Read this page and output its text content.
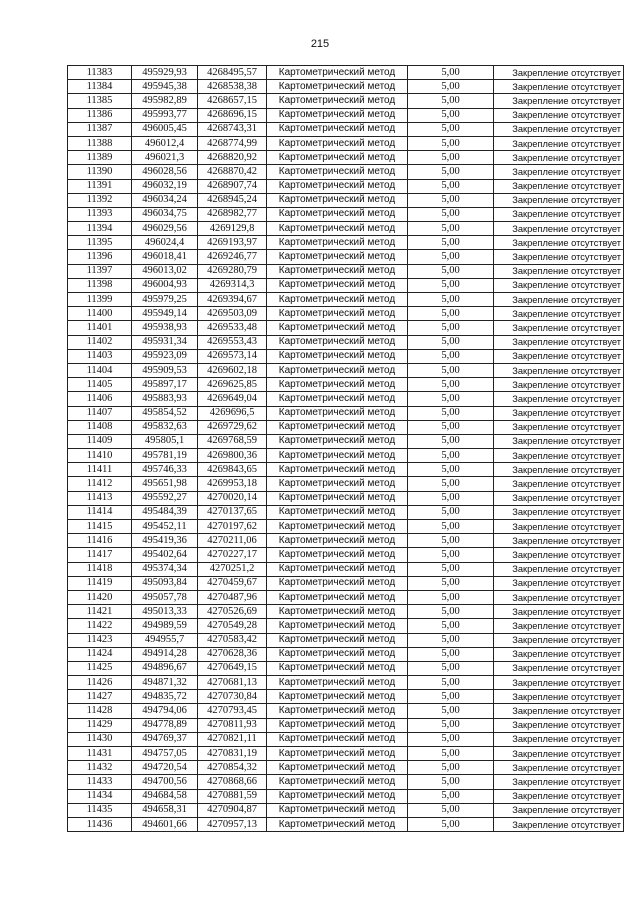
215
11383	495929,93	4268495,57	Картометрический метод	5,00	Закрепление отсутствует
11384	495945,38	4268538,38	Картометрический метод	5,00	Закрепление отсутствует
11385	495982,89	4268657,15	Картометрический метод	5,00	Закрепление отсутствует
11386	495993,77	4268696,15	Картометрический метод	5,00	Закрепление отсутствует
11387	496005,45	4268743,31	Картометрический метод	5,00	Закрепление отсутствует
11388	496012,4	4268774,99	Картометрический метод	5,00	Закрепление отсутствует
11389	496021,3	4268820,92	Картометрический метод	5,00	Закрепление отсутствует
11390	496028,56	4268870,42	Картометрический метод	5,00	Закрепление отсутствует
11391	496032,19	4268907,74	Картометрический метод	5,00	Закрепление отсутствует
11392	496034,24	4268945,24	Картометрический метод	5,00	Закрепление отсутствует
11393	496034,75	4268982,77	Картометрический метод	5,00	Закрепление отсутствует
11394	496029,56	4269129,8	Картометрический метод	5,00	Закрепление отсутствует
11395	496024,4	4269193,97	Картометрический метод	5,00	Закрепление отсутствует
11396	496018,41	4269246,77	Картометрический метод	5,00	Закрепление отсутствует
11397	496013,02	4269280,79	Картометрический метод	5,00	Закрепление отсутствует
11398	496004,93	4269314,3	Картометрический метод	5,00	Закрепление отсутствует
11399	495979,25	4269394,67	Картометрический метод	5,00	Закрепление отсутствует
11400	495949,14	4269503,09	Картометрический метод	5,00	Закрепление отсутствует
11401	495938,93	4269533,48	Картометрический метод	5,00	Закрепление отсутствует
11402	495931,34	4269553,43	Картометрический метод	5,00	Закрепление отсутствует
11403	495923,09	4269573,14	Картометрический метод	5,00	Закрепление отсутствует
11404	495909,53	4269602,18	Картометрический метод	5,00	Закрепление отсутствует
11405	495897,17	4269625,85	Картометрический метод	5,00	Закрепление отсутствует
11406	495883,93	4269649,04	Картометрический метод	5,00	Закрепление отсутствует
11407	495854,52	4269696,5	Картометрический метод	5,00	Закрепление отсутствует
11408	495832,63	4269729,62	Картометрический метод	5,00	Закрепление отсутствует
11409	495805,1	4269768,59	Картометрический метод	5,00	Закрепление отсутствует
11410	495781,19	4269800,36	Картометрический метод	5,00	Закрепление отсутствует
11411	495746,33	4269843,65	Картометрический метод	5,00	Закрепление отсутствует
11412	495651,98	4269953,18	Картометрический метод	5,00	Закрепление отсутствует
11413	495592,27	4270020,14	Картометрический метод	5,00	Закрепление отсутствует
11414	495484,39	4270137,65	Картометрический метод	5,00	Закрепление отсутствует
11415	495452,11	4270197,62	Картометрический метод	5,00	Закрепление отсутствует
11416	495419,36	4270211,06	Картометрический метод	5,00	Закрепление отсутствует
11417	495402,64	4270227,17	Картометрический метод	5,00	Закрепление отсутствует
11418	495374,34	4270251,2	Картометрический метод	5,00	Закрепление отсутствует
11419	495093,84	4270459,67	Картометрический метод	5,00	Закрепление отсутствует
11420	495057,78	4270487,96	Картометрический метод	5,00	Закрепление отсутствует
11421	495013,33	4270526,69	Картометрический метод	5,00	Закрепление отсутствует
11422	494989,59	4270549,28	Картометрический метод	5,00	Закрепление отсутствует
11423	494955,7	4270583,42	Картометрический метод	5,00	Закрепление отсутствует
11424	494914,28	4270628,36	Картометрический метод	5,00	Закрепление отсутствует
11425	494896,67	4270649,15	Картометрический метод	5,00	Закрепление отсутствует
11426	494871,32	4270681,13	Картометрический метод	5,00	Закрепление отсутствует
11427	494835,72	4270730,84	Картометрический метод	5,00	Закрепление отсутствует
11428	494794,06	4270793,45	Картометрический метод	5,00	Закрепление отсутствует
11429	494778,89	4270811,93	Картометрический метод	5,00	Закрепление отсутствует
11430	494769,37	4270821,11	Картометрический метод	5,00	Закрепление отсутствует
11431	494757,05	4270831,19	Картометрический метод	5,00	Закрепление отсутствует
11432	494720,54	4270854,32	Картометрический метод	5,00	Закрепление отсутствует
11433	494700,56	4270868,66	Картометрический метод	5,00	Закрепление отсутствует
11434	494684,58	4270881,59	Картометрический метод	5,00	Закрепление отсутствует
11435	494658,31	4270904,87	Картометрический метод	5,00	Закрепление отсутствует
11436	494601,66	4270957,13	Картометрический метод	5,00	Закрепление отсутствует
